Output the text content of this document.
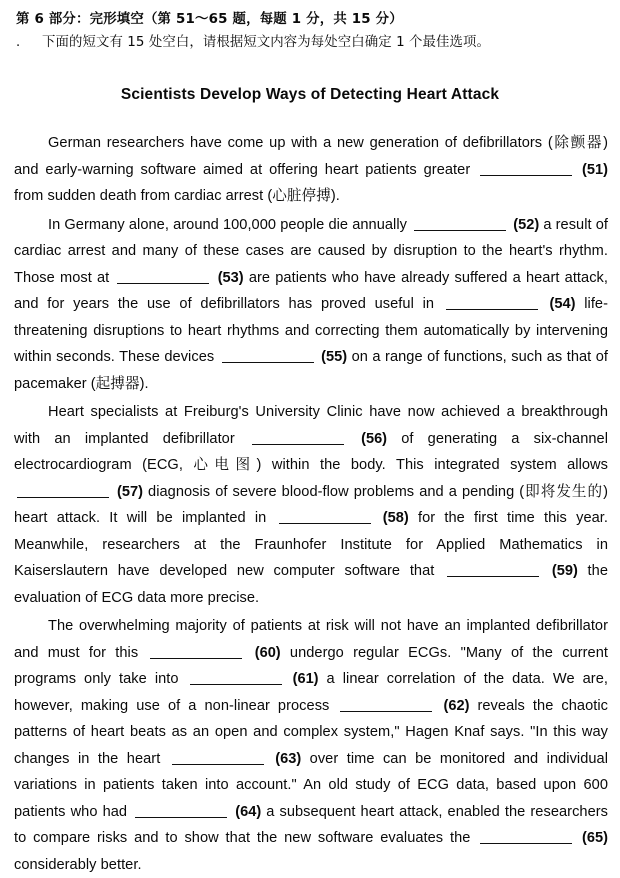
第 6 部分：完形填空（第 51～65 题，每题 1 分，共 15 分）
. 下面的短文有 15 处空白，请根据短文内容为每处空白确定 1 个最佳选项。
Scientists Develop Ways of Detecting Heart Attack

German researchers have come up with a new generation of defibrillators (除颤器) and early-warning software aimed at offering heart patients greater	(51) from sudden death from cardiac arrest (心脏停搏).

In Germany alone, around 100,000 people die annually	(52) a result of cardiac arrest and many of these cases are caused by disruption to the heart's rhythm. Those most at	(53) are patients who have already suffered a heart attack, and for years the use of defibrillators has proved useful in	(54) life-threatening disruptions to heart rhythms and correcting them automatically by intervening within seconds. These devices	(55) on a range of functions, such as that of pacemaker (起搏器).

Heart specialists at Freiburg's University Clinic have now achieved a breakthrough with an implanted defibrillator	(56) of generating a six-channel electrocardiogram (ECG, 心电图) within the body. This integrated system allows  (57) diagnosis of severe blood-flow problems and a pending (即将发生的) heart attack. It will be implanted in	(58) for the first time this year. Meanwhile, researchers at the Fraunhofer Institute for Applied Mathematics in Kaiserslautern have developed new computer software that	(59) the evaluation of ECG data more precise.

The overwhelming majority of patients at risk will not have an implanted defibrillator and must for this	(60) undergo regular ECGs. "Many of the current programs only take into	(61) a linear correlation of the data. We are, however, making use of a non-linear process	(62) reveals the chaotic patterns of heart beats as an open and complex system," Hagen Knaf says. "In this way changes in the heart	(63) over time can be monitored and individual variations in patients taken into account." An old study of ECG data, based upon 600 patients who had	(64) a subsequent heart attack, enabled the researchers to compare risks and to show that the new software evaluates the	(65) considerably better.
